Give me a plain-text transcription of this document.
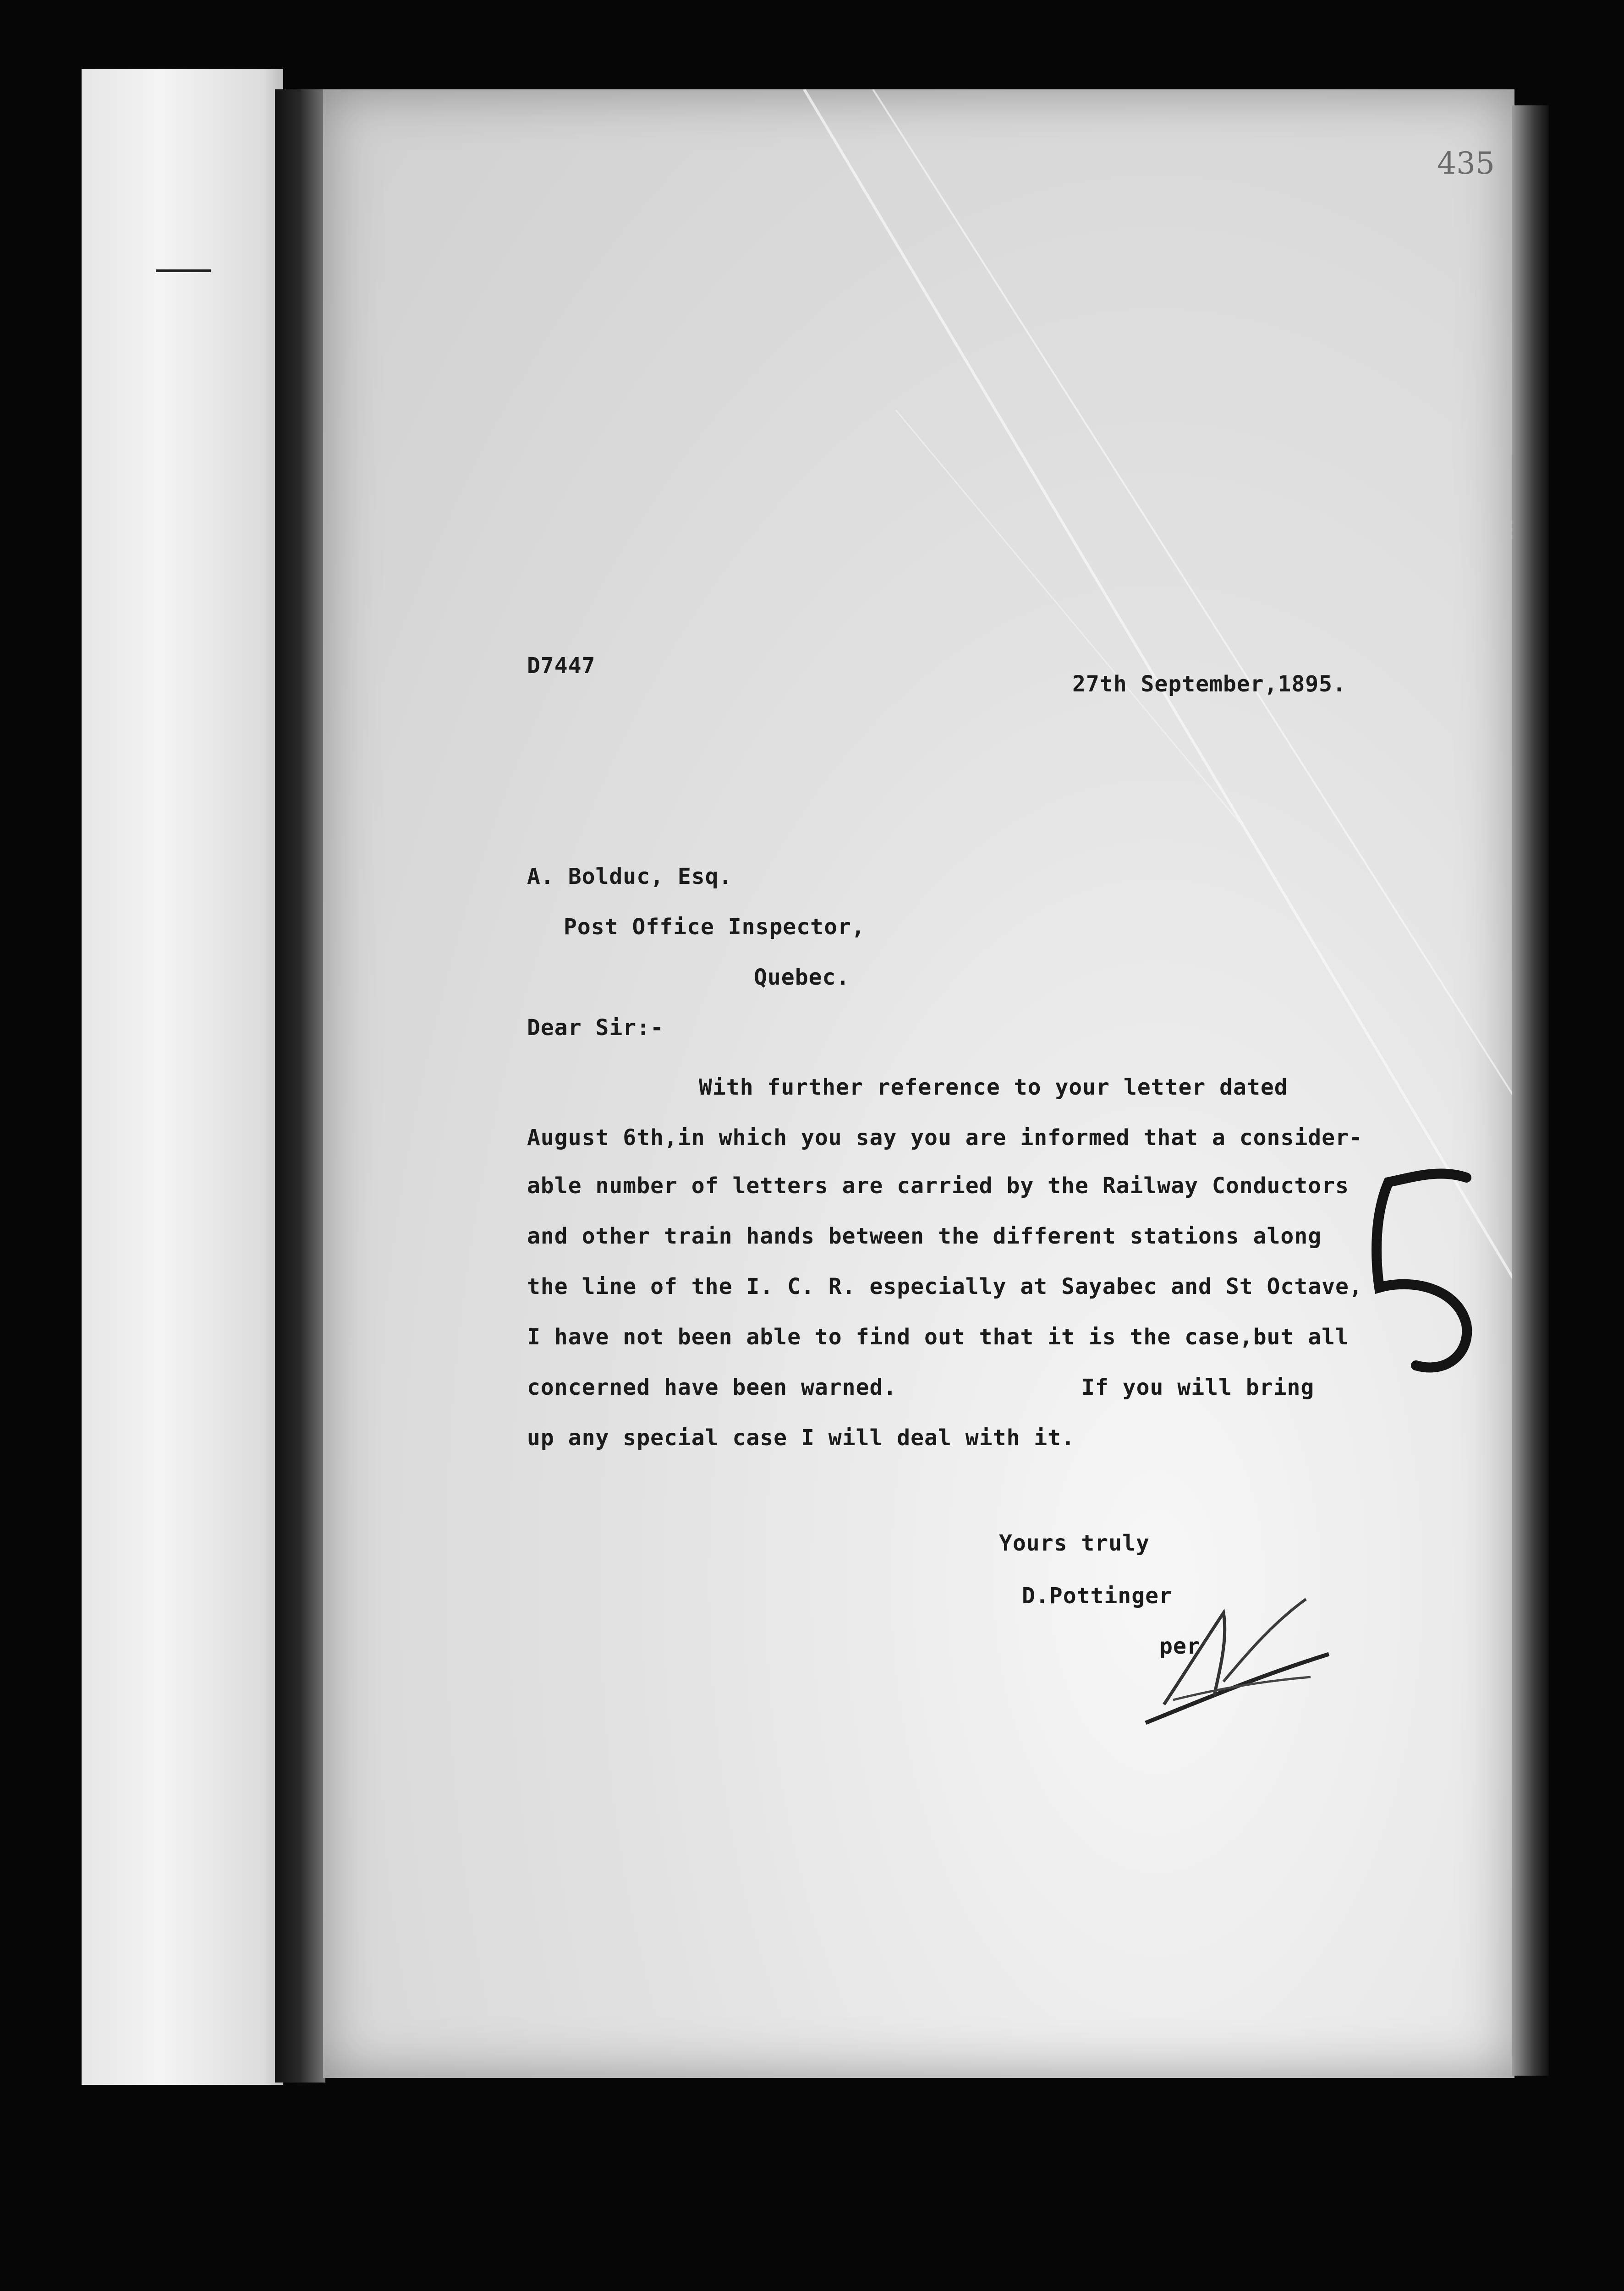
435
D7447
27th September,1895.
A. Bolduc, Esq.
Post Office Inspector,
Quebec.
Dear Sir:-
With further reference to your letter dated
August 6th,in which you say you are informed that a consider-
able number of letters are carried by the Railway Conductors
and other train hands between the different stations along
the line of the I. C. R. especially at Sayabec and St Octave,
I have not been able to find out that it is the case,but all
concerned have been warned.	If you will bring
up any special case I will deal with it.
Yours truly
D.Pottinger
per
